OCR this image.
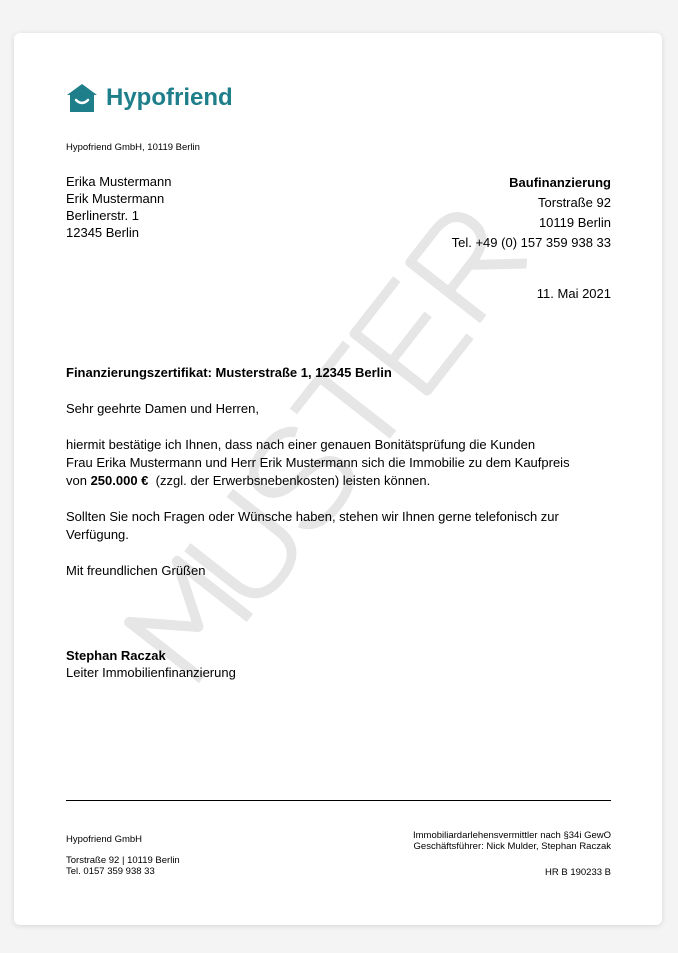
Hypofriend
Hypofriend GmbH, 10119 Berlin

Erika Mustermann

Erik Mustermann

Berlinerstr. 1

12345 Berlin

Baufinanzierung

Torstraße 92

10119 Berlin

Tel. +49 (0) 157 359 938 33

11. Mai 2021
Finanzierungszertifikat: Musterstraße 1, 12345 Berlin

Sehr geehrte Damen und Herren,

hiermit bestätige ich Ihnen, dass nach einer genauen Bonitätsprüfung die Kunden

Frau Erika Mustermann und Herr Erik Mustermann sich die Immobilie zu dem Kaufpreis

von 250.000 € (zzgl. der Erwerbsnebenkosten) leisten können.

Sollten Sie noch Fragen oder Wünsche haben, stehen wir Ihnen gerne telefonisch zur Verfügung.

Mit freundlichen Grüßen

Stephan Raczak

Leiter Immobilienfinanzierung

Hypofriend GmbH

Torstraße 92 | 10119 Berlin

Tel. 0157 359 938 33

Immobiliardarlehensvermittler nach §34i GewO

Geschäftsführer: Nick Mulder, Stephan Raczak

HR B 190233 B
